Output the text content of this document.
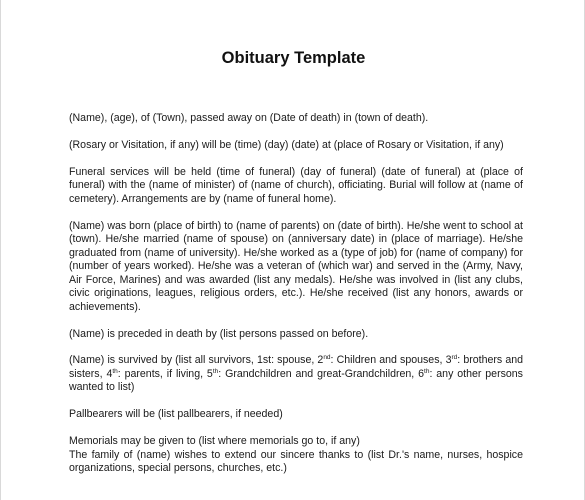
Obituary Template

(Name), (age), of (Town), passed away on (Date of death) in (town of death).

(Rosary or Visitation, if any) will be (time) (day) (date) at (place of Rosary or Visitation, if any)

Funeral services will be held (time of funeral) (day of funeral) (date of funeral) at (place of funeral) with the (name of minister) of (name of church), officiating. Burial will follow at (name of cemetery). Arrangements are by (name of funeral home).

(Name) was born (place of birth) to (name of parents) on (date of birth). He/she went to school at (town). He/she married (name of spouse) on (anniversary date) in (place of marriage). He/she graduated from (name of university). He/she worked as a (type of job) for (name of company) for (number of years worked). He/she was a veteran of (which war) and served in the (Army, Navy, Air Force, Marines) and was awarded (list any medals). He/she was involved in (list any clubs, civic originations, leagues, religious orders, etc.). He/she received (list any honors, awards or achievements).

(Name) is preceded in death by (list persons passed on before).

(Name) is survived by (list all survivors, 1st: spouse, 2nd: Children and spouses, 3rd: brothers and sisters, 4th: parents, if living, 5th: Grandchildren and great-Grandchildren, 6th: any other persons wanted to list)

Pallbearers will be (list pallbearers, if needed)

Memorials may be given to (list where memorials go to, if any)

The family of (name) wishes to extend our sincere thanks to (list Dr.'s name, nurses, hospice organizations, special persons, churches, etc.)
